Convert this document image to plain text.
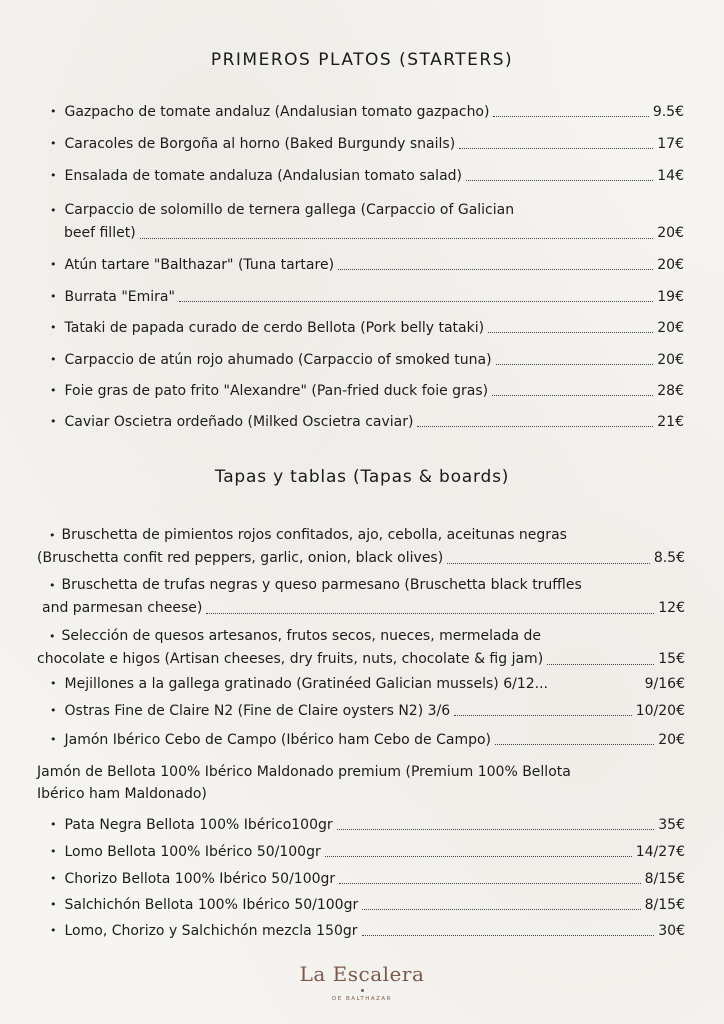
PRIMEROS PLATOS (STARTERS)
• Gazpacho de tomate andaluz (Andalusian tomato gazpacho)	9.5€
• Caracoles de Borgoña al horno (Baked Burgundy snails)	17€
• Ensalada de tomate andaluza (Andalusian tomato salad)	14€
• Carpaccio de solomillo de ternera gallega (Carpaccio of Galician
beef fillet)	20€
• Atún tartare "Balthazar" (Tuna tartare)	20€
• Burrata "Emira"	19€
• Tataki de papada curado de cerdo Bellota (Pork belly tataki)	20€
• Carpaccio de atún rojo ahumado (Carpaccio of smoked tuna)	20€
• Foie gras de pato frito "Alexandre" (Pan-fried duck foie gras)	28€
• Caviar Oscietra ordeñado (Milked Oscietra caviar)	21€
Tapas y tablas (Tapas & boards)
• Bruschetta de pimientos rojos confitados, ajo, cebolla, aceitunas negras
(Bruschetta confit red peppers, garlic, onion, black olives)	8.5€
• Bruschetta de trufas negras y queso parmesano (Bruschetta black truffles
and parmesan cheese)	12€
• Selección de quesos artesanos, frutos secos, nueces, mermelada de
chocolate e higos (Artisan cheeses, dry fruits, nuts, chocolate & fig jam)	15€
• Mejillones a la gallega gratinado (Gratinéed Galician mussels) 6/12...	9/16€
• Ostras Fine de Claire N2 (Fine de Claire oysters N2) 3/6	10/20€
• Jamón Ibérico Cebo de Campo (Ibérico ham Cebo de Campo)	20€
Jamón de Bellota 100% Ibérico Maldonado premium (Premium 100% Bellota
Ibérico ham Maldonado)
• Pata Negra Bellota 100% Ibérico100gr	35€
• Lomo Bellota 100% Ibérico 50/100gr	14/27€
• Chorizo Bellota 100% Ibérico 50/100gr	8/15€
• Salchichón Bellota 100% Ibérico 50/100gr	8/15€
• Lomo, Chorizo y Salchichón mezcla 150gr	30€
La Escalera
DE BALTHAZAR
